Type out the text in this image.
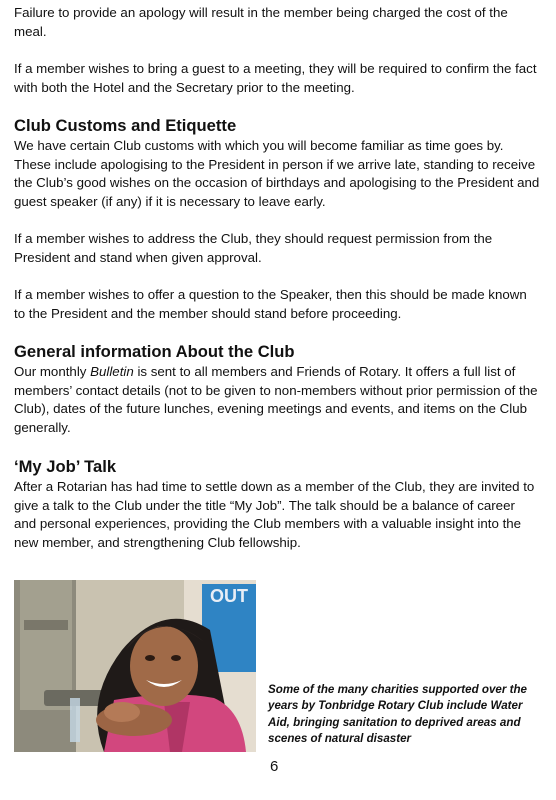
Failure to provide an apology will result in the member being charged the cost of the meal.

If a member wishes to bring a guest to a meeting, they will be required to confirm the fact with both the Hotel and the Secretary prior to the meeting.

Club Customs and Etiquette

We have certain Club customs with which you will become familiar as time goes by. These include apologising to the President in person if we arrive late, standing to receive the Club’s good wishes on the occasion of birthdays and apologising to the President and guest speaker (if any) if it is necessary to leave early.

If a member wishes to address the Club, they should request permission from the President and stand when given approval.

If a member wishes to offer a question to the Speaker, then this should be made known to the President and the member should stand before proceeding.

General information About the Club

Our monthly Bulletin is sent to all members and Friends of Rotary. It offers a full list of members’ contact details (not to be given to non-members without prior permission of the Club), dates of the future lunches, evening meetings and events, and items on the Club generally.

‘My Job’ Talk

After a Rotarian has had time to settle down as a member of the Club, they are invited to give a talk to the Club under the title “My Job”. The talk should be a balance of career and personal experiences, providing the Club members with a valuable insight into the new member, and strengthening Club fellowship.

OUT

Some of the many charities supported over the years by Tonbridge Rotary Club include Water Aid, bringing sanitation to deprived areas and scenes of natural disaster

6
